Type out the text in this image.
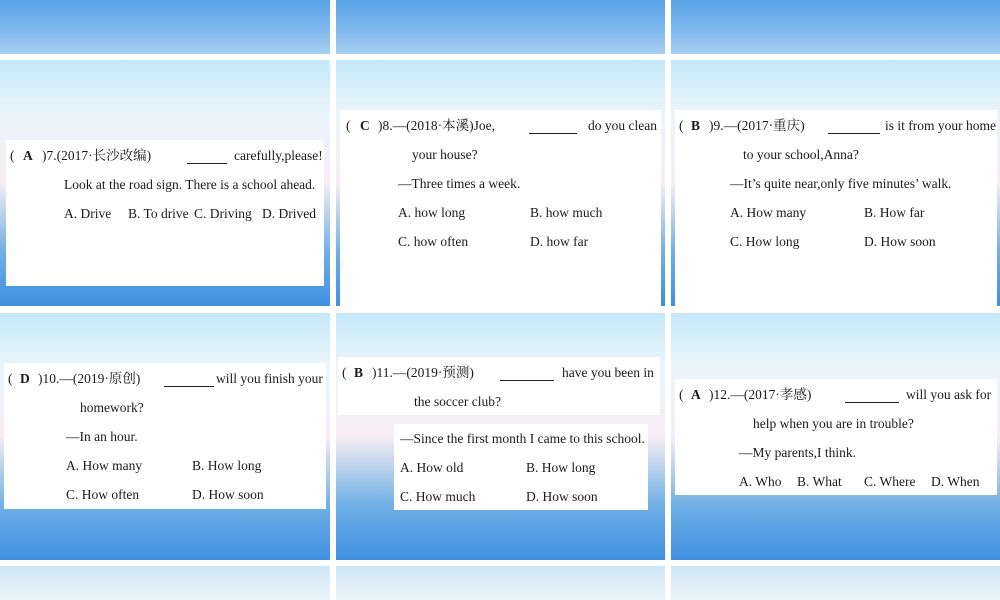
( A )7.(2017·长沙改编)	carefully,please!
Look at the road sign. There is a school ahead.
A. Drive B. To drive C. Driving D. Drived
( C )8.—(2018·本溪)Joe,	do you clean
your house?
—Three times a week.
A. how long	B. how much
C. how often	D. how far
( B )9.—(2017·重庆)	is it from your home
to your school,Anna?
—It’s quite near,only five minutes’ walk.
A. How many	B. How far
C. How long	D. How soon
( D )10.—(2019·原创)	will you finish your
homework?
—In an hour.
A. How many	B. How long
C. How often	D. How soon
( B )11.—(2019·预测)	have you been in
the soccer club?
—Since the first month I came to this school.
A. How old	B. How long
C. How much	D. How soon
( A )12.—(2017·孝感)	will you ask for
help when you are in trouble?
—My parents,I think.
A. Who B. What C. Where D. When
